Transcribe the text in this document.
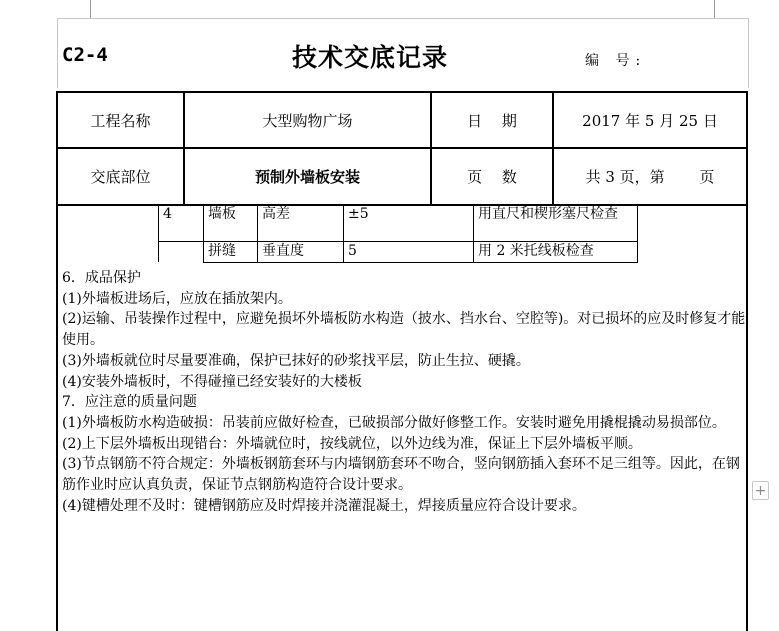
C2-4	技术交底记录	编 号:
工程名称	大型购物广场	日　 期	2017 年 5 月 25 日
交底部位	预制外墙板安装	页　 数	共 3 页，第　　 页
4	墙板	高差	±5	用直尺和楔形塞尺检查
	拼缝	垂直度	5	用 2 米托线板检查

6．成品保护

(1)外墙板进场后，应放在插放架内。

(2)运输、吊装操作过程中，应避免损坏外墙板防水构造（披水、挡水台、空腔等)。对已损坏的应及时修复才能使用。

(3)外墙板就位时尽量要准确，保护已抹好的砂浆找平层，防止生拉、硬撬。

(4)安装外墙板时，不得碰撞已经安装好的大楼板

7．应注意的质量问题

(1)外墙板防水构造破损：吊装前应做好检查，已破损部分做好修整工作。安装时避免用撬棍撬动易损部位。

(2)上下层外墙板出现错台：外墙就位时，按线就位，以外边线为准，保证上下层外墙板平顺。

(3)节点钢筋不符合规定：外墙板钢筋套环与内墙钢筋套环不吻合，竖向钢筋插入套环不足三组等。因此，在钢筋作业时应认真负责，保证节点钢筋构造符合设计要求。

(4)键槽处理不及时：键槽钢筋应及时焊接并浇灌混凝土，焊接质量应符合设计要求。

+
